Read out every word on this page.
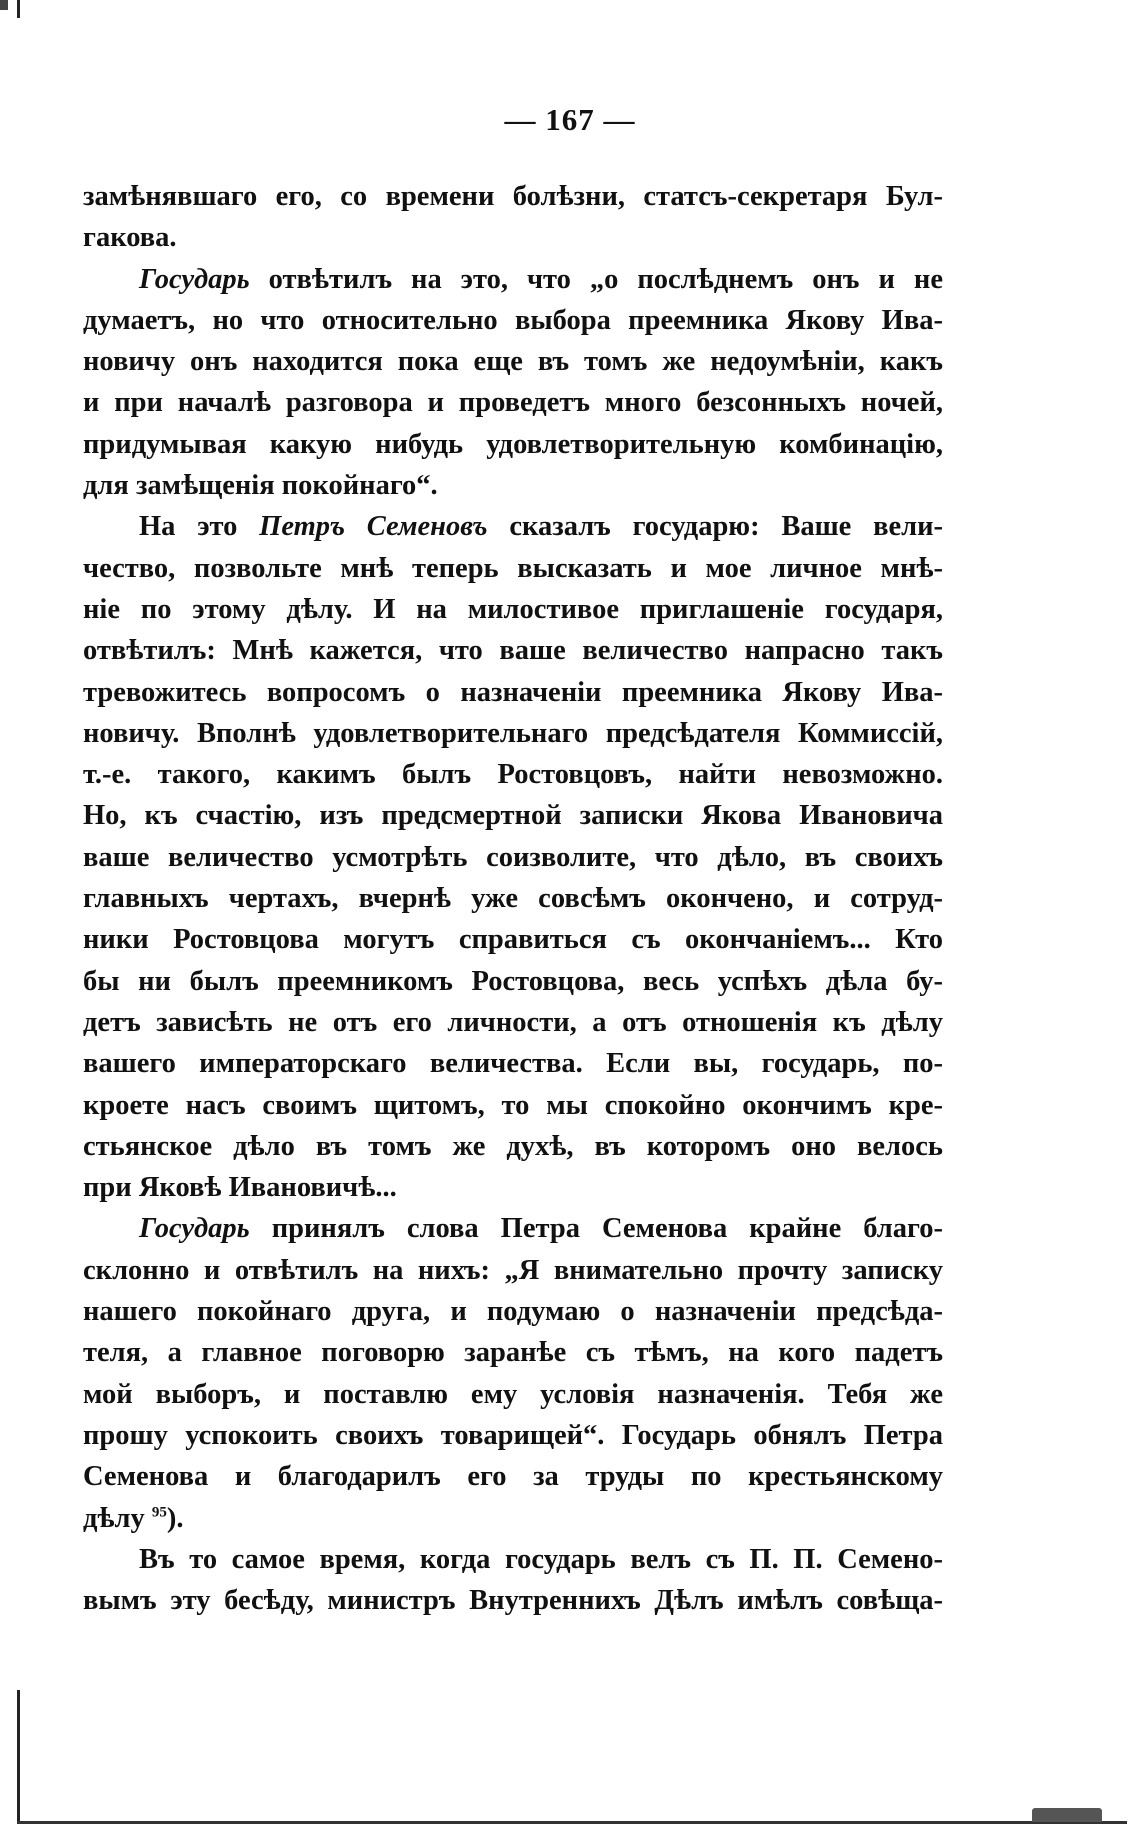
— 167 —
замѣнявшаго его, со времени болѣзни, статсъ-секретаря Бул-
гакова.
Государь отвѣтилъ на это, что „о послѣднемъ онъ и не
думаетъ, но что относительно выбора преемника Якову Ива-
новичу онъ находится пока еще въ томъ же недоумѣніи, какъ
и при началѣ разговора и проведетъ много безсонныхъ ночей,
придумывая какую нибудь удовлетворительную комбинацію,
для замѣщенія покойнаго“.
На это Петръ Семеновъ сказалъ государю: Ваше вели-
чество, позвольте мнѣ теперь высказать и мое личное мнѣ-
ніе по этому дѣлу. И на милостивое приглашеніе государя,
отвѣтилъ: Мнѣ кажется, что ваше величество напрасно такъ
тревожитесь вопросомъ о назначеніи преемника Якову Ива-
новичу. Вполнѣ удовлетворительнаго предсѣдателя Коммиссій,
т.-е. такого, какимъ былъ Ростовцовъ, найти невозможно.
Но, къ счастію, изъ предсмертной записки Якова Ивановича
ваше величество усмотрѣть соизволите, что дѣло, въ своихъ
главныхъ чертахъ, вчернѣ уже совсѣмъ окончено, и сотруд-
ники Ростовцова могутъ справиться съ окончаніемъ... Кто
бы ни былъ преемникомъ Ростовцова, весь успѣхъ дѣла бу-
детъ зависѣть не отъ его личности, а отъ отношенія къ дѣлу
вашего императорскаго величества. Если вы, государь, по-
кроете насъ своимъ щитомъ, то мы спокойно окончимъ кре-
стьянское дѣло въ томъ же духѣ, въ которомъ оно велось
при Яковѣ Ивановичѣ...
Государь принялъ слова Петра Семенова крайне благо-
склонно и отвѣтилъ на нихъ: „Я внимательно прочту записку
нашего покойнаго друга, и подумаю о назначеніи предсѣда-
теля, а главное поговорю заранѣе съ тѣмъ, на кого падетъ
мой выборъ, и поставлю ему условія назначенія. Тебя же
прошу успокоить своихъ товарищей“. Государь обнялъ Петра
Семенова и благодарилъ его за труды по крестьянскому
дѣлу $^{95}$).
Въ то самое время, когда государь велъ съ П. П. Семено-
вымъ эту бесѣду, министръ Внутреннихъ Дѣлъ имѣлъ совѣща-
